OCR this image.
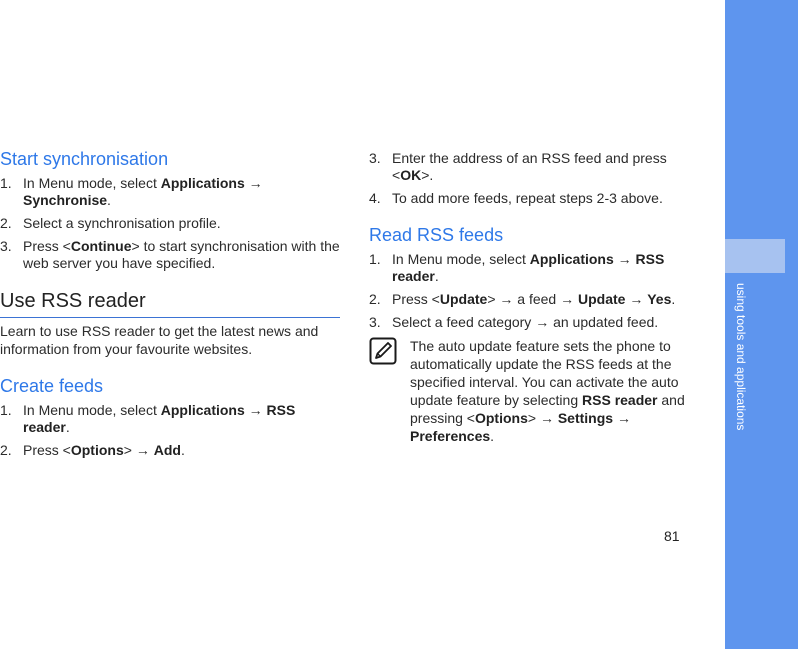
using tools and applications
81
Start synchronisation
1. In Menu mode, select Applications → Synchronise.
2. Select a synchronisation profile.
3. Press <Continue> to start synchronisation with the web server you have specified.
Use RSS reader

Learn to use RSS reader to get the latest news and information from your favourite websites.

Create feeds
1. In Menu mode, select Applications → RSS reader.
2. Press <Options> → Add.
3. Enter the address of an RSS feed and press <OK>.
4. To add more feeds, repeat steps 2-3 above.
Read RSS feeds
1. In Menu mode, select Applications → RSS reader.
2. Press <Update> → a feed → Update → Yes.
3. Select a feed category → an updated feed.
The auto update feature sets the phone to automatically update the RSS feeds at the specified interval. You can activate the auto update feature by selecting RSS reader and pressing <Options> → Settings → Preferences.
